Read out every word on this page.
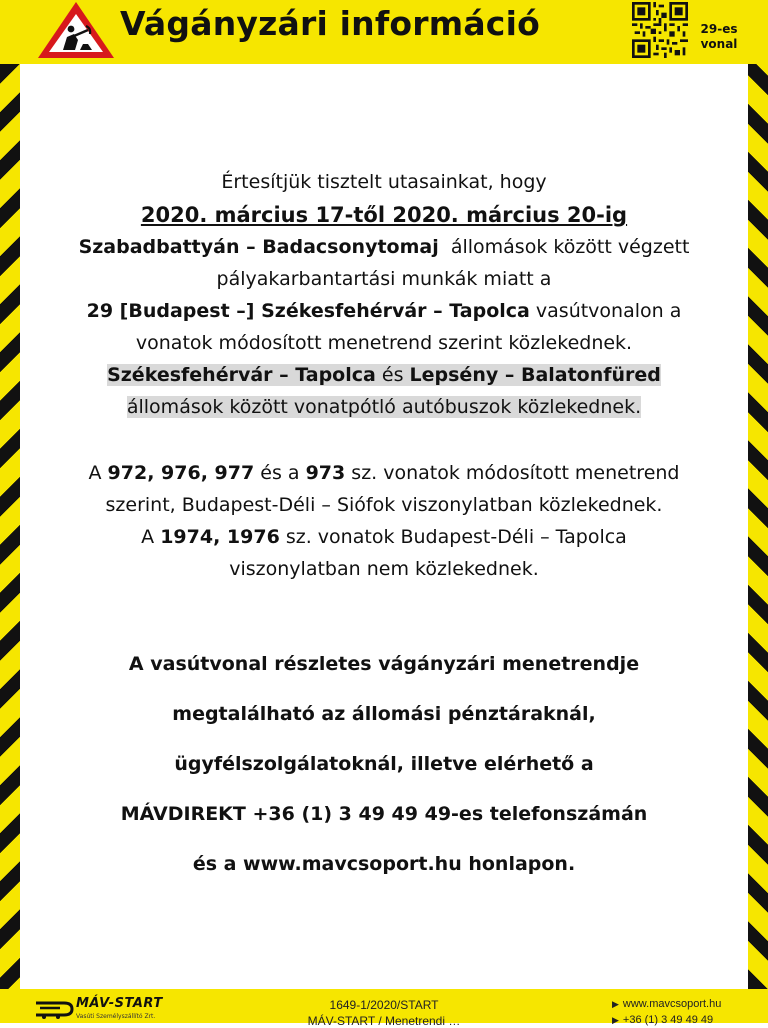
Vágányzári információ	29-es
vonal

Értesítjük tisztelt utasainkat, hogy

2020. március 17-től 2020. március 20-ig

Szabadbattyán – Badacsonytomaj állomások között végzett
pályakarbantartási munkák miatt a
29 [Budapest –] Székesfehérvár – Tapolca vasútvonalon a
vonatok módosított menetrend szerint közlekednek.
Székesfehérvár – Tapolca és Lepsény – Balatonfüred
állomások között vonatpótló autóbuszok közlekednek.

A 972, 976, 977 és a 973 sz. vonatok módosított menetrend
szerint, Budapest-Déli – Siófok viszonylatban közlekednek.
A 1974, 1976 sz. vonatok Budapest-Déli – Tapolca
viszonylatban nem közlekednek.

A vasútvonal részletes vágányzári menetrendje

megtalálható az állomási pénztáraknál,

ügyfélszolgálatoknál, illetve elérhető a

MÁVDIREKT +36 (1) 3 49 49 49-es telefonszámán

és a www.mavcsoport.hu honlapon.

MÁV-START
Vasúti Személyszállító Zrt.
1649-1/2020/START
MÁV-START / Menetrendi …
▶ www.mavcsoport.hu
▶ +36 (1) 3 49 49 49
